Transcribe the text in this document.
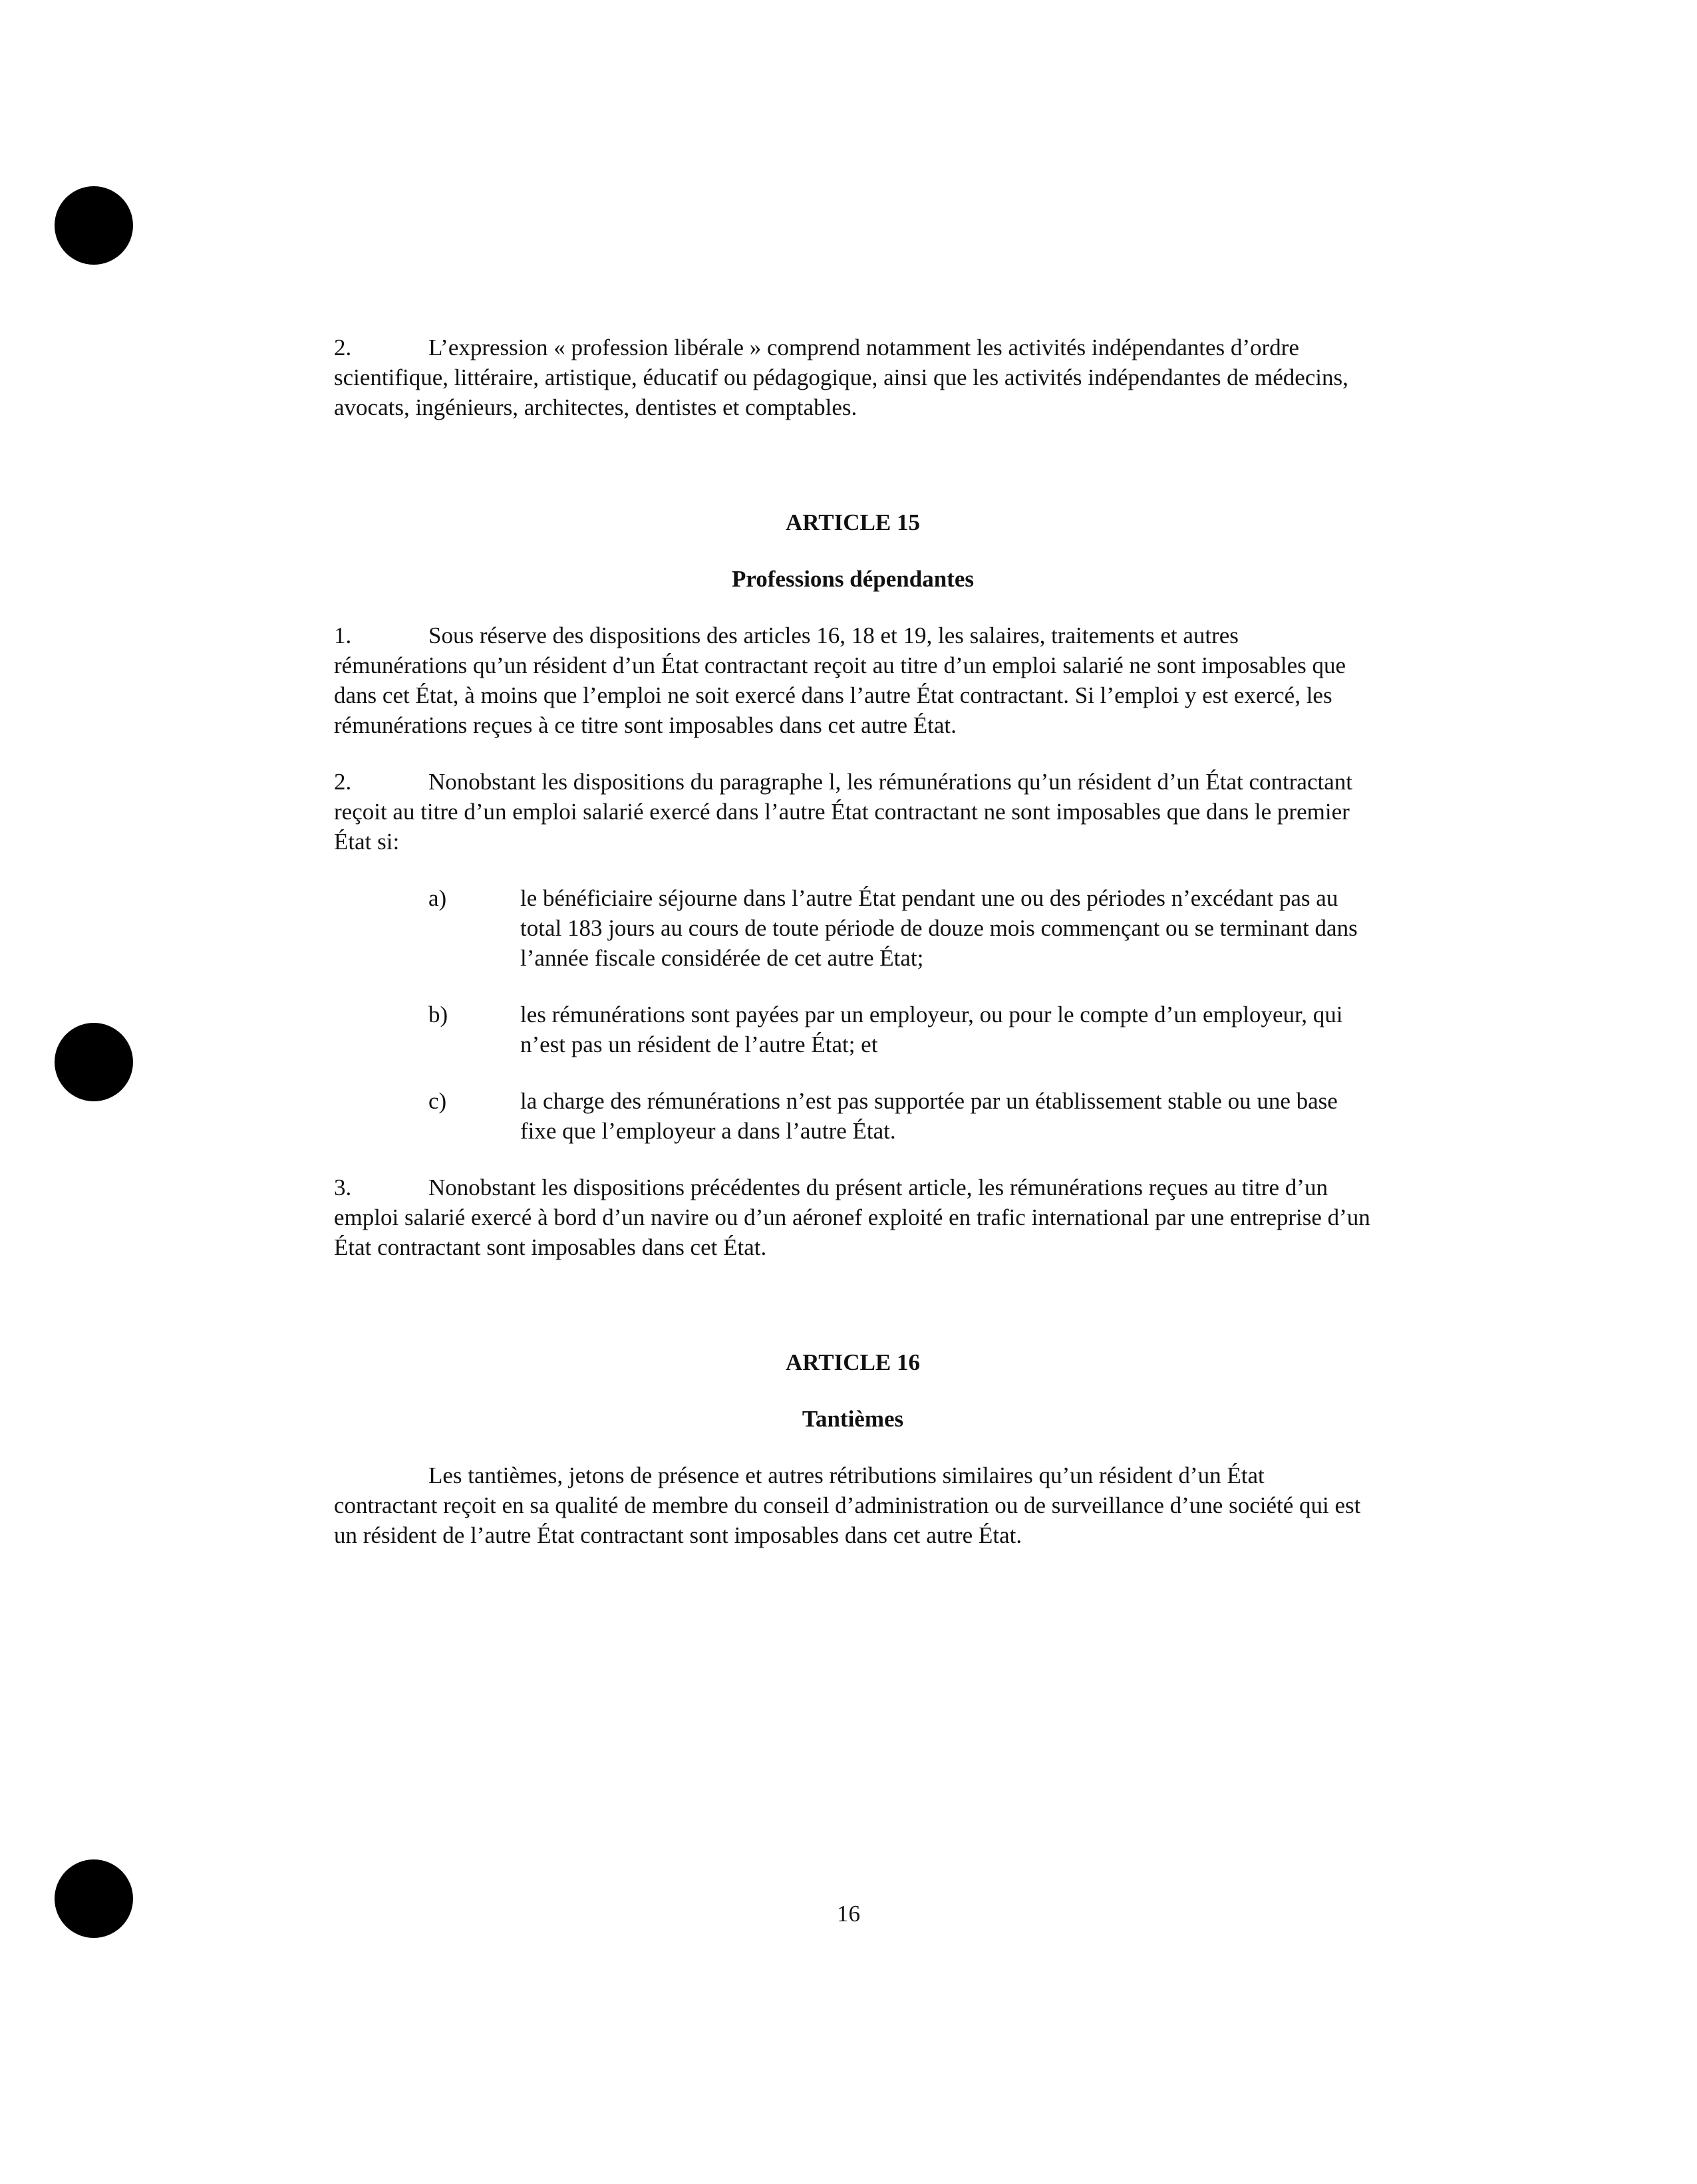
2.	L’expression « profession libérale » comprend notamment les activités indépendantes d’ordre scientifique, littéraire, artistique, éducatif ou pédagogique, ainsi que les activités indépendantes de médecins, avocats, ingénieurs, architectes, dentistes et comptables.

ARTICLE 15

Professions dépendantes

1.	Sous réserve des dispositions des articles 16, 18 et 19, les salaires, traitements et autres rémunérations qu’un résident d’un État contractant reçoit au titre d’un emploi salarié ne sont imposables que dans cet État, à moins que l’emploi ne soit exercé dans l’autre État contractant. Si l’emploi y est exercé, les rémunérations reçues à ce titre sont imposables dans cet autre État.

2.	Nonobstant les dispositions du paragraphe l, les rémunérations qu’un résident d’un État contractant reçoit au titre d’un emploi salarié exercé dans l’autre État contractant ne sont imposables que dans le premier État si:

a)	le bénéficiaire séjourne dans l’autre État pendant une ou des périodes n’excédant pas au total 183 jours au cours de toute période de douze mois commençant ou se terminant dans l’année fiscale considérée de cet autre État;
b)	les rémunérations sont payées par un employeur, ou pour le compte d’un employeur, qui n’est pas un résident de l’autre État; et
c)	la charge des rémunérations n’est pas supportée par un établissement stable ou une base fixe que l’employeur a dans l’autre État.

3.	Nonobstant les dispositions précédentes du présent article, les rémunérations reçues au titre d’un emploi salarié exercé à bord d’un navire ou d’un aéronef exploité en trafic international par une entreprise d’un État contractant sont imposables dans cet État.

ARTICLE 16

Tantièmes

Les tantièmes, jetons de présence et autres rétributions similaires qu’un résident d’un État contractant reçoit en sa qualité de membre du conseil d’administration ou de surveillance d’une société qui est un résident de l’autre État contractant sont imposables dans cet autre État.

16
